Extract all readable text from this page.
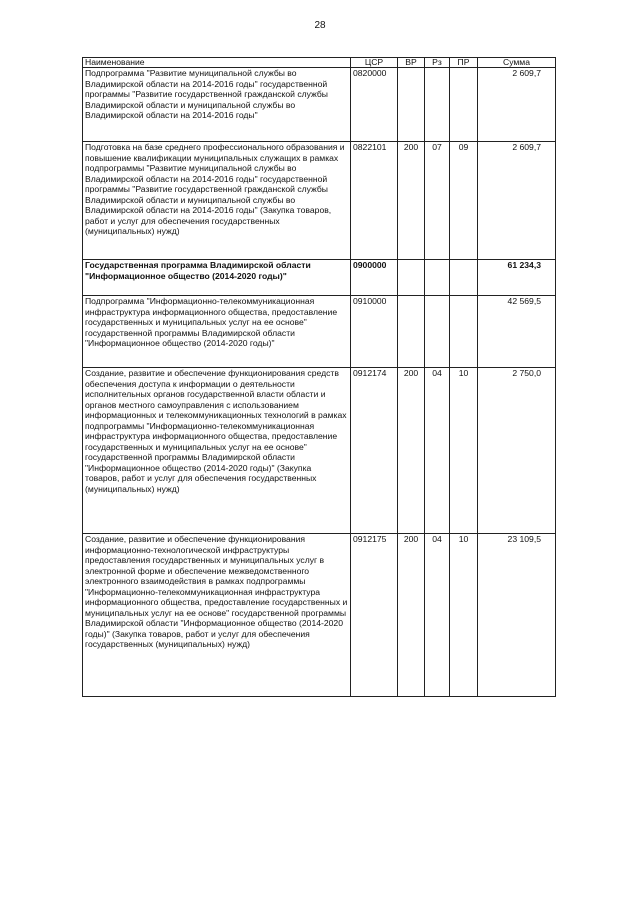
28
Наименование	ЦСР	ВР	Рз	ПР	Сумма
Подпрограмма "Развитие муниципальной службы во Владимирской области на 2014-2016 годы" государственной программы "Развитие государственной гражданской службы Владимирской области и муниципальной службы во Владимирской области на 2014-2016 годы"	0820000				2 609,7
Подготовка на базе среднего профессионального образования и повышение квалификации муниципальных служащих в рамках подпрограммы "Развитие муниципальной службы во Владимирской области на 2014-2016 годы" государственной программы "Развитие государственной гражданской службы Владимирской области и муниципальной службы во Владимирской области на 2014-2016 годы" (Закупка товаров, работ и услуг для обеспечения государственных (муниципальных) нужд)	0822101	200	07	09	2 609,7
Государственная программа Владимирской области "Информационное общество (2014-2020 годы)"	0900000				61 234,3
Подпрограмма "Информационно-телекоммуникационная инфраструктура информационного общества, предоставление государственных и муниципальных услуг на ее основе" государственной программы Владимирской области "Информационное общество (2014-2020 годы)"	0910000				42 569,5
Создание, развитие и обеспечение функционирования средств обеспечения доступа к информации о деятельности исполнительных органов государственной власти области и органов местного самоуправления с использованием информационных и телекоммуникационных технологий в рамках подпрограммы "Информационно-телекоммуникационная инфраструктура информационного общества, предоставление государственных и муниципальных услуг на ее основе" государственной программы Владимирской области "Информационное общество (2014-2020 годы)" (Закупка товаров, работ и услуг для обеспечения государственных (муниципальных) нужд)	0912174	200	04	10	2 750,0
Создание, развитие и обеспечение функционирования информационно-технологической инфраструктуры предоставления государственных и муниципальных услуг в электронной форме и обеспечение межведомственного электронного взаимодействия в рамках подпрограммы "Информационно-телекоммуникационная инфраструктура информационного общества, предоставление государственных и муниципальных услуг на ее основе" государственной программы Владимирской области "Информационное общество (2014-2020 годы)" (Закупка товаров, работ и услуг для обеспечения государственных (муниципальных) нужд)	0912175	200	04	10	23 109,5
